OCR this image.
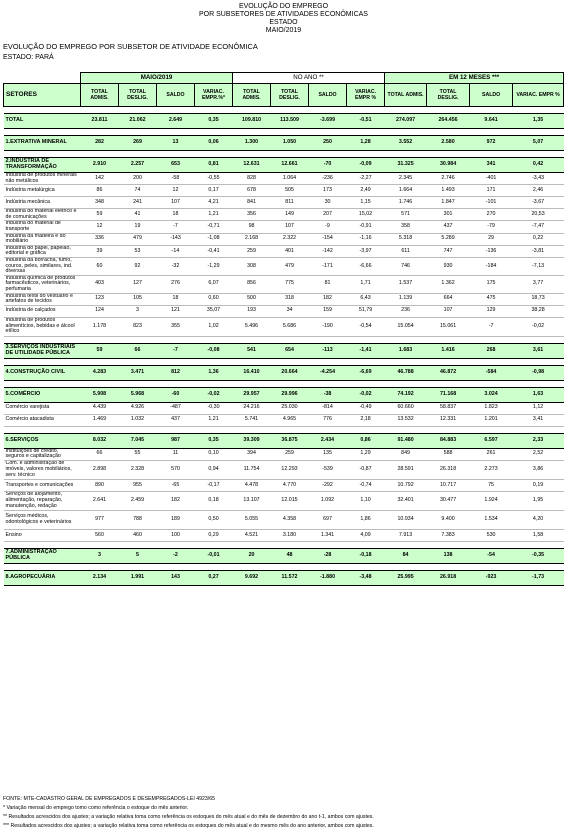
EVOLUÇÃO DO EMPREGO
POR SUBSETORES DE ATIVIDADES ECONÔMICAS
ESTADO
MAIO/2019
EVOLUÇÃO DO EMPREGO POR SUBSETOR DE ATIVIDADE ECONÔMICA
ESTADO: PARÁ
	MAIO/2019				NO ANO **				EM 12 MESES ***			
SETORES	TOTAL ADMIS.	TOTAL DESLIG.	SALDO	VARIAC. EMPR.%*	TOTAL ADMIS.	TOTAL DESLIG.	SALDO	VARIAC. EMPR %	TOTAL ADMIS.	TOTAL DESLIG.	SALDO	VARIAC. EMPR %

TOTAL	23.811	21.062	2.649	0,35	109.810	113.509	-3.699	-0,51	274.097	264.456	9.641	1,35

1.EXTRATIVA MINERAL	282	269	13	0,06	1.300	1.050	250	1,28	3.552	2.580	972	5,07

2.INDÚSTRIA DE TRANSFORMAÇÃO	2.910	2.257	653	0,81	12.631	12.661	-70	-0,09	31.325	30.984	341	0,42
Indústria de produtos minerais não metálicos	142	200	-58	-0,55	828	1.064	-236	-2,27	2.345	2.746	-401	-3,43
Indústria metalúrgica	86	74	12	0,17	678	505	173	2,49	1.664	1.493	171	2,46
Indústria mecânica	348	241	107	4,21	841	811	30	1,15	1.746	1.847	-101	-3,67
Indústria do material elétrico e de comunicações	59	41	18	1,21	356	149	207	15,02	571	301	270	20,53
Indústria do material de transporte	12	19	-7	-0,71	98	107	-9	-0,91	358	437	-79	-7,47
Indústria da madeira e do mobiliário	336	479	-143	-1,08	2.168	2.322	-154	-1,16	5.318	5.289	29	0,22
Indústria do papel, papelão, editorial e gráfica	39	53	-14	-0,41	259	401	-142	-3,97	611	747	-136	-3,81
Indústria da borracha, fumo, couros, peles, similares, ind. diversas	60	92	-32	-1,29	308	479	-171	-6,66	746	930	-184	-7,13
Indústria química de produtos farmacêuticos, veterinários, perfumaria	403	127	276	6,07	856	775	81	1,71	1.537	1.362	175	3,77
Indústria têxtil do vestuário e artefatos de tecidos	123	105	18	0,60	500	318	182	6,43	1.139	664	475	18,73
Indústria de calçados	124	3	121	35,07	193	34	159	51,79	236	107	129	38,28
Indústria de produtos alimentícios, bebidas e álcool etílico	1.178	823	355	1,02	5.496	5.686	-190	-0,54	15.054	15.061	-7	-0,02

3.SERVIÇOS INDUSTRIAIS DE UTILIDADE PÚBLICA	59	66	-7	-0,08	541	654	-113	-1,41	1.683	1.416	268	3,61

4.CONSTRUÇÃO CIVIL	4.283	3.471	812	1,36	16.410	20.664	-4.254	-6,69	46.788	46.872	-584	-0,98

5.COMÉRCIO	5.908	5.968	-60	-0,02	29.957	29.996	-38	-0,02	74.192	71.168	3.024	1,63
Comércio varejista	4.439	4.926	-487	-0,30	24.216	25.030	-814	-0,49	60.660	58.837	1.823	1,12
Comércio atacadista	1.469	1.032	437	1,21	5.741	4.965	776	2,18	13.532	12.331	1.201	3,41

6.SERVIÇOS	8.032	7.045	987	0,35	39.309	36.875	2.434	0,86	91.480	84.883	6.597	2,33
Instituições de crédito, seguros e capitalização	66	55	11	0,10	394	259	135	1,29	849	588	261	2,52
Com. e administração de imóveis, valores mobiliários, serv. técnico	2.898	2.328	570	0,94	11.754	12.293	-539	-0,87	28.591	26.318	2.273	3,86
Transportes e comunicações	890	955	-65	-0,17	4.478	4.770	-292	-0,74	10.792	10.717	75	0,19
Serviços de alojamento, alimentação, reparação, manutenção, redação	2.641	2.459	182	0,18	13.107	12.015	1.092	1,10	32.401	30.477	1.924	1,95
Serviços médicos, odontológicos e veterinários	977	788	189	0,50	5.055	4.358	697	1,86	10.934	9.400	1.534	4,20
Ensino	560	460	100	0,29	4.521	3.180	1.341	4,09	7.913	7.383	530	1,58

7.ADMINISTRAÇÃO PÚBLICA	3	5	-2	-0,01	20	48	-28	-0,18	84	138	-54	-0,35

8.AGROPECUÁRIA	2.134	1.991	143	0,27	9.692	11.572	-1.880	-3,48	25.995	26.918	-923	-1,73
FONTE: MTE-CADASTRO GERAL DE EMPREGADOS E DESEMPREGADOS-LEI 4923/65
* Variação mensal do emprego tomo como referência o estoque do mês anterior.
** Resultados acrescidos dos ajustes; a variação relativa toma como referência os estoques do mês atual e do mês de dezembro do ano t-1, ambos com ajustes.
*** Resultados acrescidos dos ajustes; a variação relativa toma como referência os estoques do mês atual e do mesmo mês do ano anterior, ambos com ajustes.
